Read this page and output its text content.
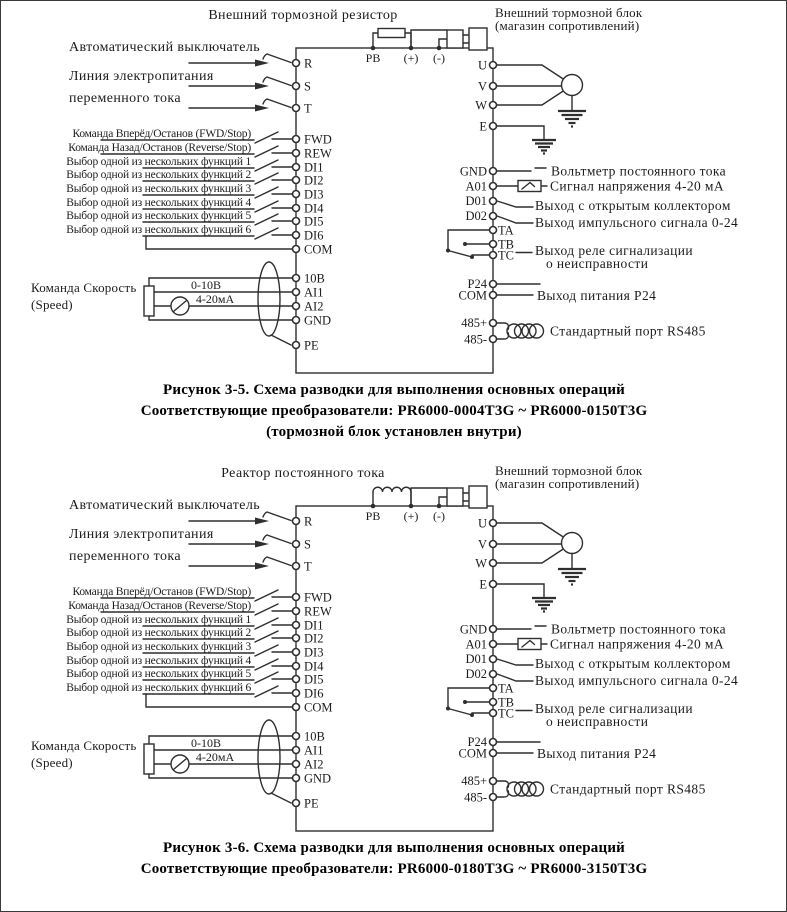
Внешний тормозной резистор	Внешний тормозной блок
(магазин сопротивлений)
PB (+) (-)
Автоматический выключатель
Линия электропитания
переменного тока
R
S
T
Команда Вперёд/Останов (FWD/Stop)	FWD
Команда Назад/Останов (Reverse/Stop)	REW
Выбор одной из нескольких функций 1	DI1
Выбор одной из нескольких функций 2	DI2
Выбор одной из нескольких функций 3	DI3
Выбор одной из нескольких функций 4	DI4
Выбор одной из нескольких функций 5	DI5
Выбор одной из нескольких функций 6	DI6
COM
Команда Скорость
(Speed)
0-10B
4-20мА
10B
AI1
AI2
GND
PE
U
V
W
E
Вольтметр постоянного тока
Сигнал напряжения 4-20 мА
Выход с открытым коллектором
Выход импульсного сигнала 0-24
GND
A01
D01
D02
TA
TB
TC Выход реле сигнализации
о неисправности
P24
COM	Выход питания P24
485+
485-
Стандартный порт RS485
Рисунок 3-5. Схема разводки для выполнения основных операций
Соответствующие преобразователи: PR6000-0004T3G ~ PR6000-0150T3G
(тормозной блок установлен внутри)
Реактор постоянного тока	Внешний тормозной блок
(магазин сопротивлений)
PB (+) (-)
Автоматический выключатель
Линия электропитания
переменного тока
R
S
T
Команда Вперёд/Останов (FWD/Stop)	FWD
Команда Назад/Останов (Reverse/Stop)	REW
Выбор одной из нескольких функций 1	DI1
Выбор одной из нескольких функций 2	DI2
Выбор одной из нескольких функций 3	DI3
Выбор одной из нескольких функций 4	DI4
Выбор одной из нескольких функций 5	DI5
Выбор одной из нескольких функций 6	DI6
COM
Команда Скорость
(Speed)
0-10B
4-20мА
10B
AI1
AI2
GND
PE
U
V
W
E
Вольтметр постоянного тока
Сигнал напряжения 4-20 мА
Выход с открытым коллектором
Выход импульсного сигнала 0-24
GND
A01
D01
D02
TA
TB
TC Выход реле сигнализации
о неисправности
P24
COM	Выход питания P24
485+
485-
Стандартный порт RS485
Рисунок 3-6. Схема разводки для выполнения основных операций
Соответствующие преобразователи: PR6000-0180T3G ~ PR6000-3150T3G
